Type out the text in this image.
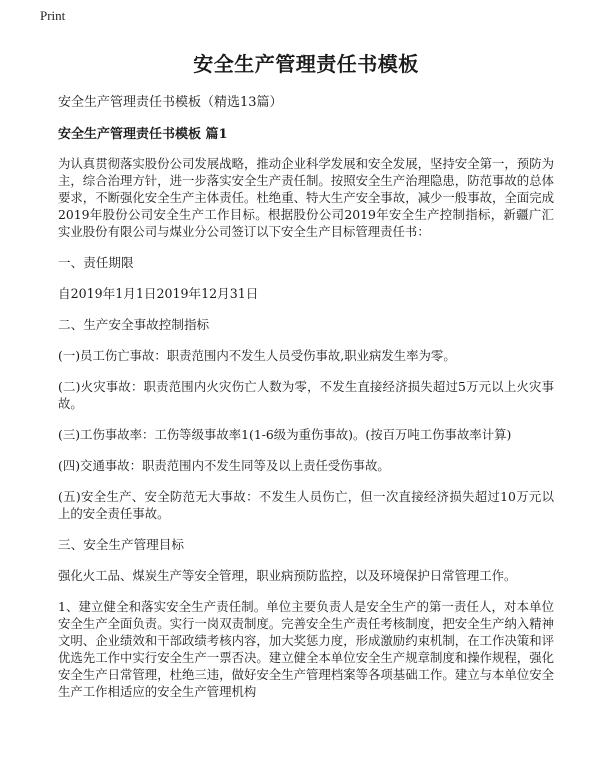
Print
安全生产管理责任书模板
安全生产管理责任书模板（精选13篇）
安全生产管理责任书模板 篇1

为认真贯彻落实股份公司发展战略，推动企业科学发展和安全发展，坚持安全第一，预防为主，综合治理方针，进一步落实安全生产责任制。按照安全生产治理隐患，防范事故的总体要求，不断强化安全生产主体责任。杜绝重、特大生产安全事故，减少一般事故，全面完成2019年股份公司安全生产工作目标。根据股份公司2019年安全生产控制指标，新疆广汇实业股份有限公司与煤业分公司签订以下安全生产目标管理责任书：

一、责任期限
自2019年1月1日2019年12月31日
二、生产安全事故控制指标

(一)员工伤亡事故：职责范围内不发生人员受伤事故,职业病发生率为零。

(二)火灾事故：职责范围内火灾伤亡人数为零，不发生直接经济损失超过5万元以上火灾事故。

(三)工伤事故率：工伤等级事故率1(1-6级为重伤事故)。(按百万吨工伤事故率计算)

(四)交通事故：职责范围内不发生同等及以上责任受伤事故。

(五)安全生产、安全防范无大事故：不发生人员伤亡，但一次直接经济损失超过10万元以上的安全责任事故。

三、安全生产管理目标

强化火工品、煤炭生产等安全管理，职业病预防监控，以及环境保护日常管理工作。

1、建立健全和落实安全生产责任制。单位主要负责人是安全生产的第一责任人，对本单位安全生产全面负责。实行一岗双责制度。完善安全生产责任考核制度，把安全生产纳入精神文明、企业绩效和干部政绩考核内容，加大奖惩力度，形成激励约束机制，在工作决策和评优选先工作中实行安全生产一票否决。建立健全本单位安全生产规章制度和操作规程，强化安全生产日常管理，杜绝三违，做好安全生产管理档案等各项基础工作。建立与本单位安全生产工作相适应的安全生产管理机构
